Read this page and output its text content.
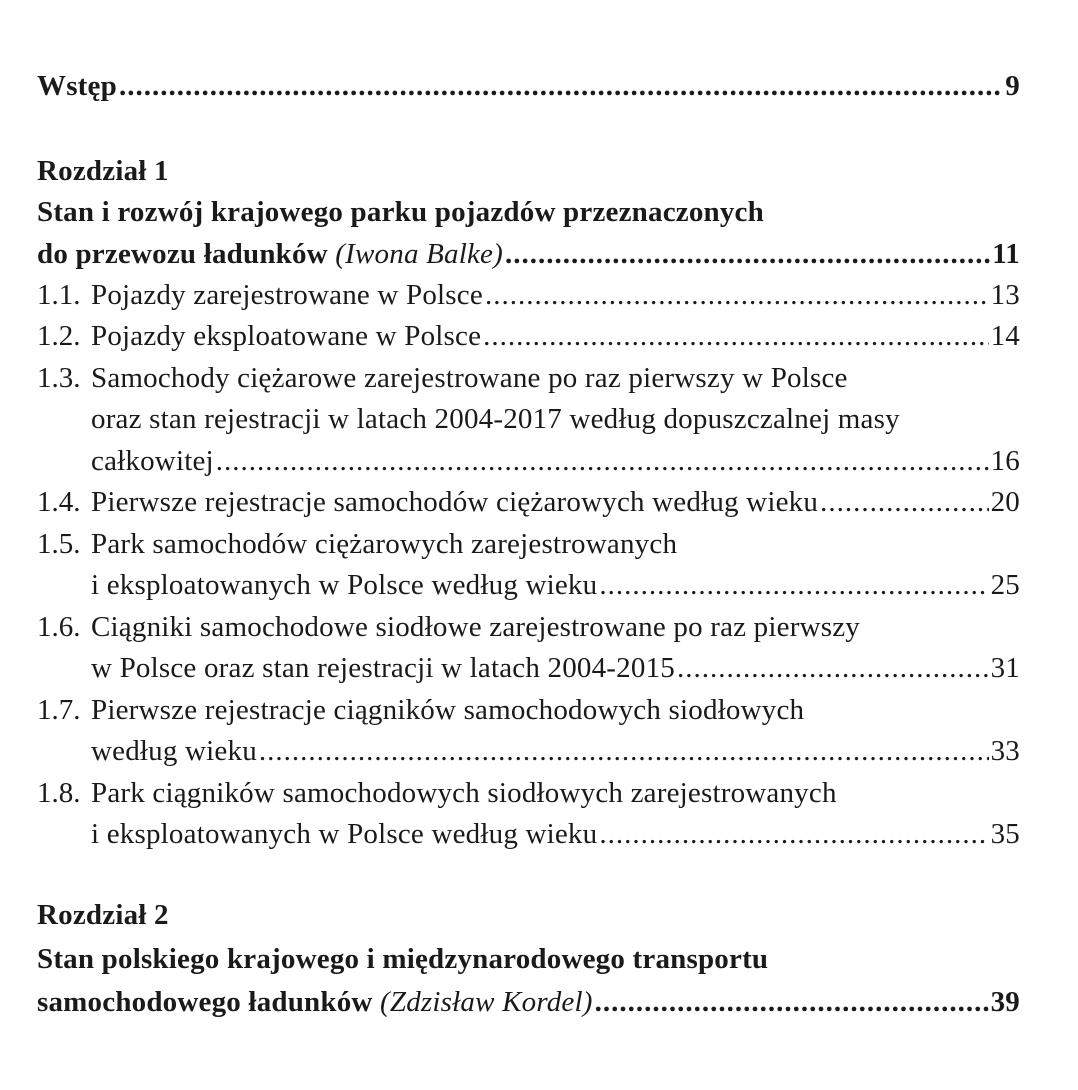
Wstęp .....	9
Rozdział 1
Stan i rozwój krajowego parku pojazdów przeznaczonych
do przewozu ładunków
(Iwona Balke) .....	11
1.1. Pojazdy zarejestrowane w Polsce .....	13
1.2. Pojazdy eksploatowane w Polsce .....	14
1.3. Samochody ciężarowe zarejestrowane po raz pierwszy w Polsce
oraz stan rejestracji w latach 2004-2017 według dopuszczalnej masy
całkowitej .....	16
1.4. Pierwsze rejestracje samochodów ciężarowych według wieku .....	20
1.5. Park samochodów ciężarowych zarejestrowanych
i eksploatowanych w Polsce według wieku .....	25
1.6. Ciągniki samochodowe siodłowe zarejestrowane po raz pierwszy
w Polsce oraz stan rejestracji w latach 2004-2015 .....	31
1.7. Pierwsze rejestracje ciągników samochodowych siodłowych
według wieku .....	33
1.8. Park ciągników samochodowych siodłowych zarejestrowanych
i eksploatowanych w Polsce według wieku .....	35
Rozdział 2
Stan polskiego krajowego i międzynarodowego transportu
samochodowego ładunków
(Zdzisław Kordel) .....	39
